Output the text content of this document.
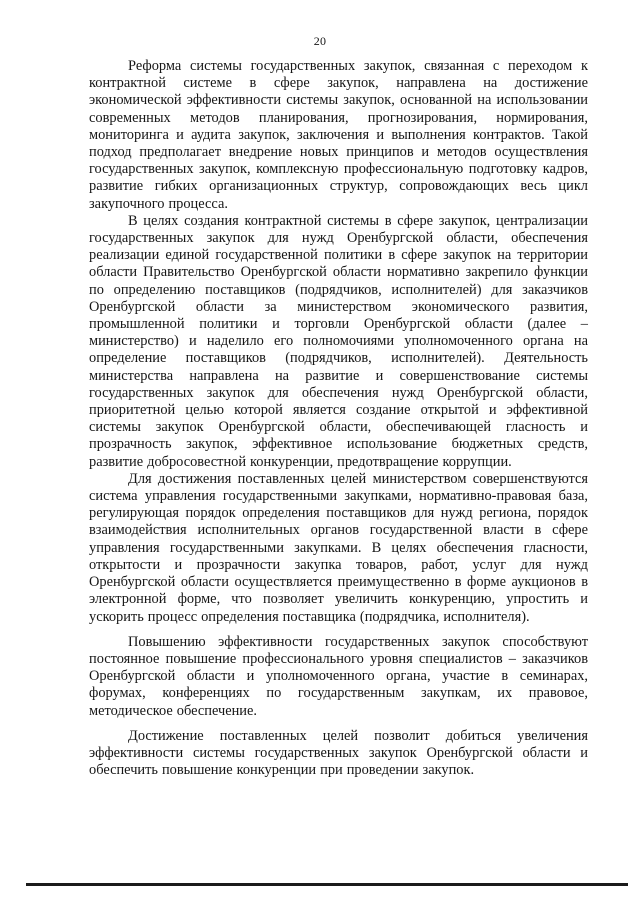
20

Реформа системы государственных закупок, связанная с переходом к контрактной системе в сфере закупок, направлена на достижение экономической эффективности системы закупок, основанной на использовании современных методов планирования, прогнозирования, нормирования, мониторинга и аудита закупок, заключения и выполнения контрактов. Такой подход предполагает внедрение новых принципов и методов осуществления государственных закупок, комплексную профессиональную подготовку кадров, развитие гибких организационных структур, сопровождающих весь цикл закупочного процесса.

В целях создания контрактной системы в сфере закупок, централизации государственных закупок для нужд Оренбургской области, обеспечения реализации единой государственной политики в сфере закупок на территории области Правительство Оренбургской области нормативно закрепило функции по определению поставщиков (подрядчиков, исполнителей) для заказчиков Оренбургской области за министерством экономического развития, промышленной политики и торговли Оренбургской области (далее – министерство) и наделило его полномочиями уполномоченного органа на определение поставщиков (подрядчиков, исполнителей). Деятельность министерства направлена на развитие и совершенствование системы государственных закупок для обеспечения нужд Оренбургской области, приоритетной целью которой является создание открытой и эффективной системы закупок Оренбургской области, обеспечивающей гласность и прозрачность закупок, эффективное использование бюджетных средств, развитие добросовестной конкуренции, предотвращение коррупции.

Для достижения поставленных целей министерством совершенствуются система управления государственными закупками, нормативно-правовая база, регулирующая порядок определения поставщиков для нужд региона, порядок взаимодействия исполнительных органов государственной власти в сфере управления государственными закупками. В целях обеспечения гласности, открытости и прозрачности закупка товаров, работ, услуг для нужд Оренбургской области осуществляется преимущественно в форме аукционов в электронной форме, что позволяет увеличить конкуренцию, упростить и ускорить процесс определения поставщика (подрядчика, исполнителя).

Повышению эффективности государственных закупок способствуют постоянное повышение профессионального уровня специалистов – заказчиков Оренбургской области и уполномоченного органа, участие в семинарах, форумах, конференциях по государственным закупкам, их правовое, методическое обеспечение.

Достижение поставленных целей позволит добиться увеличения эффективности системы государственных закупок Оренбургской области и обеспечить повышение конкуренции при проведении закупок.
